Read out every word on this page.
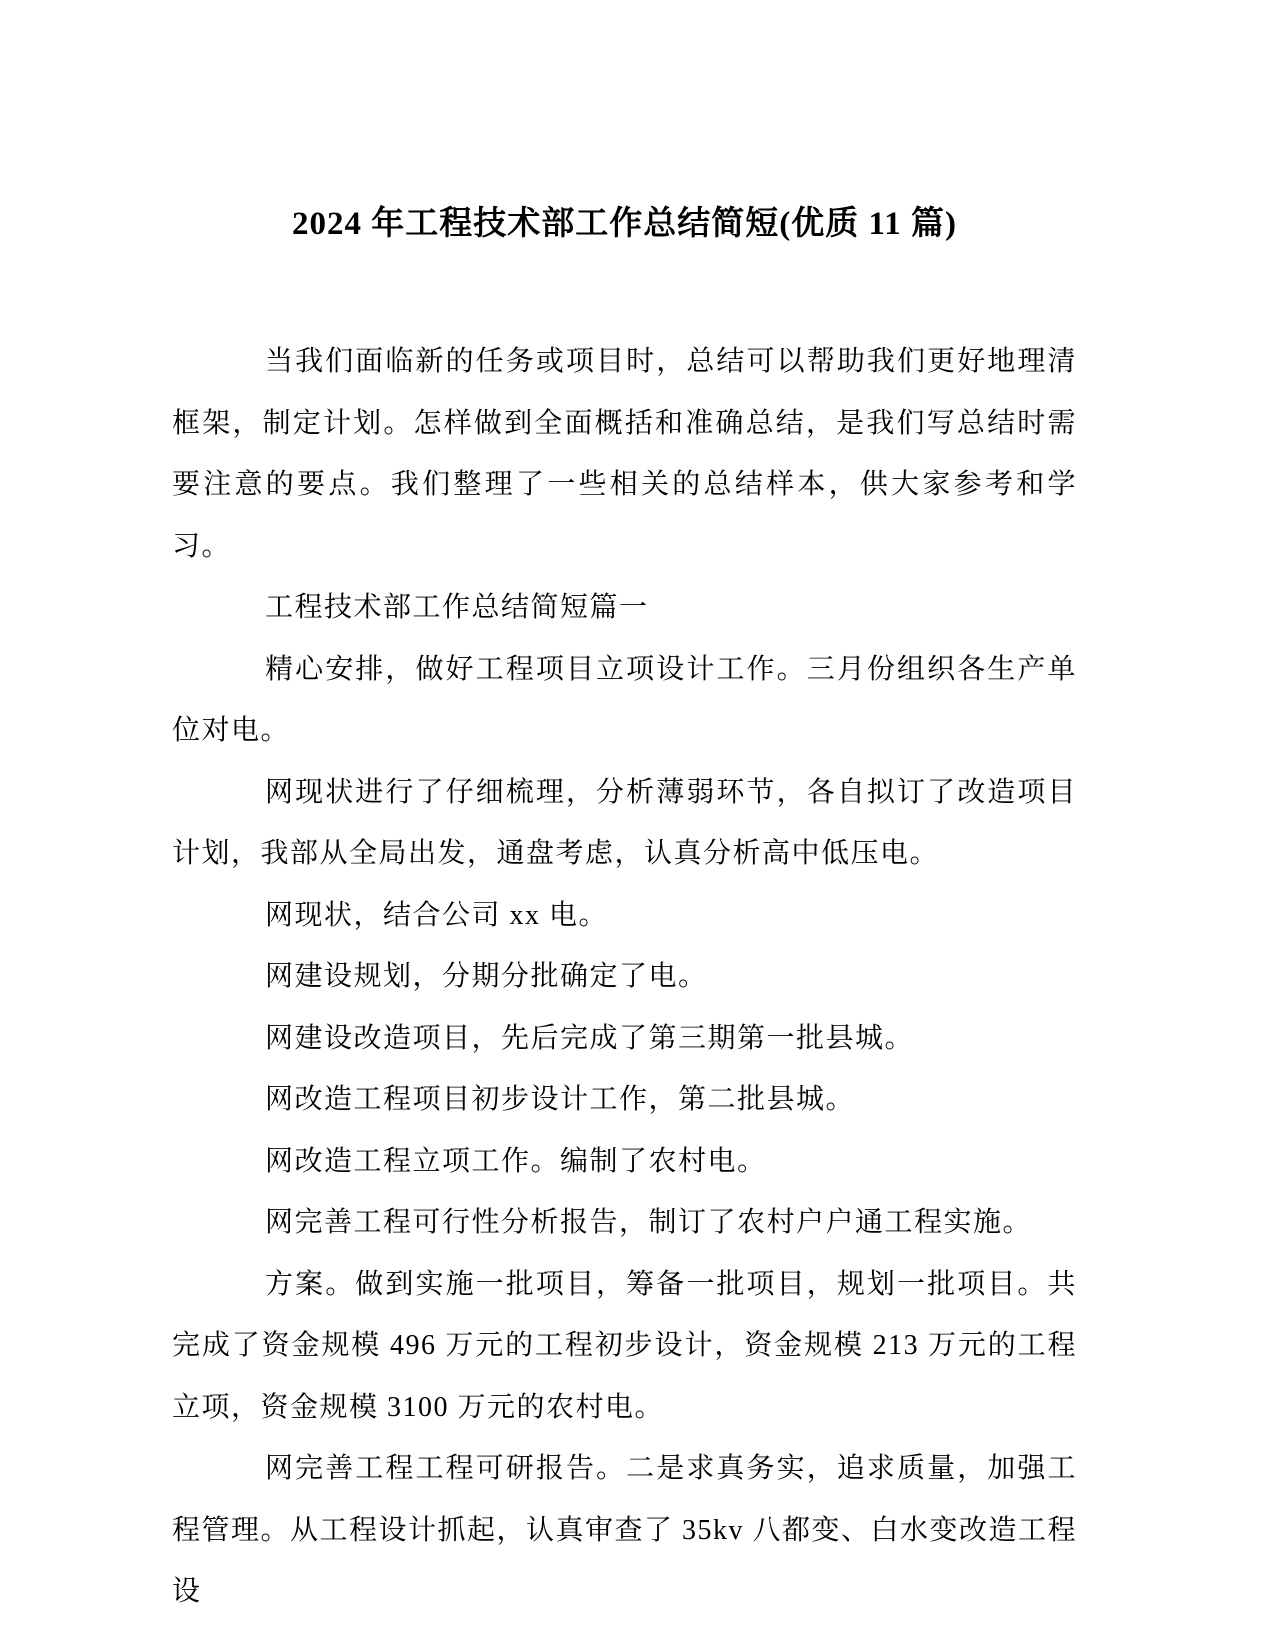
2024 年工程技术部工作总结简短(优质 11 篇)

当我们面临新的任务或项目时，总结可以帮助我们更好地理清框架，制定计划。怎样做到全面概括和准确总结，是我们写总结时需要注意的要点。我们整理了一些相关的总结样本，供大家参考和学习。

工程技术部工作总结简短篇一

精心安排，做好工程项目立项设计工作。三月份组织各生产单位对电。

网现状进行了仔细梳理，分析薄弱环节，各自拟订了改造项目计划，我部从全局出发，通盘考虑，认真分析高中低压电。

网现状，结合公司 xx 电。

网建设规划，分期分批确定了电。

网建设改造项目，先后完成了第三期第一批县城。

网改造工程项目初步设计工作，第二批县城。

网改造工程立项工作。编制了农村电。

网完善工程可行性分析报告，制订了农村户户通工程实施。

方案。做到实施一批项目，筹备一批项目，规划一批项目。共完成了资金规模 496 万元的工程初步设计，资金规模 213 万元的工程立项，资金规模 3100 万元的农村电。

网完善工程工程可研报告。二是求真务实，追求质量，加强工程管理。从工程设计抓起，认真审查了 35kv 八都变、白水变改造工程设
